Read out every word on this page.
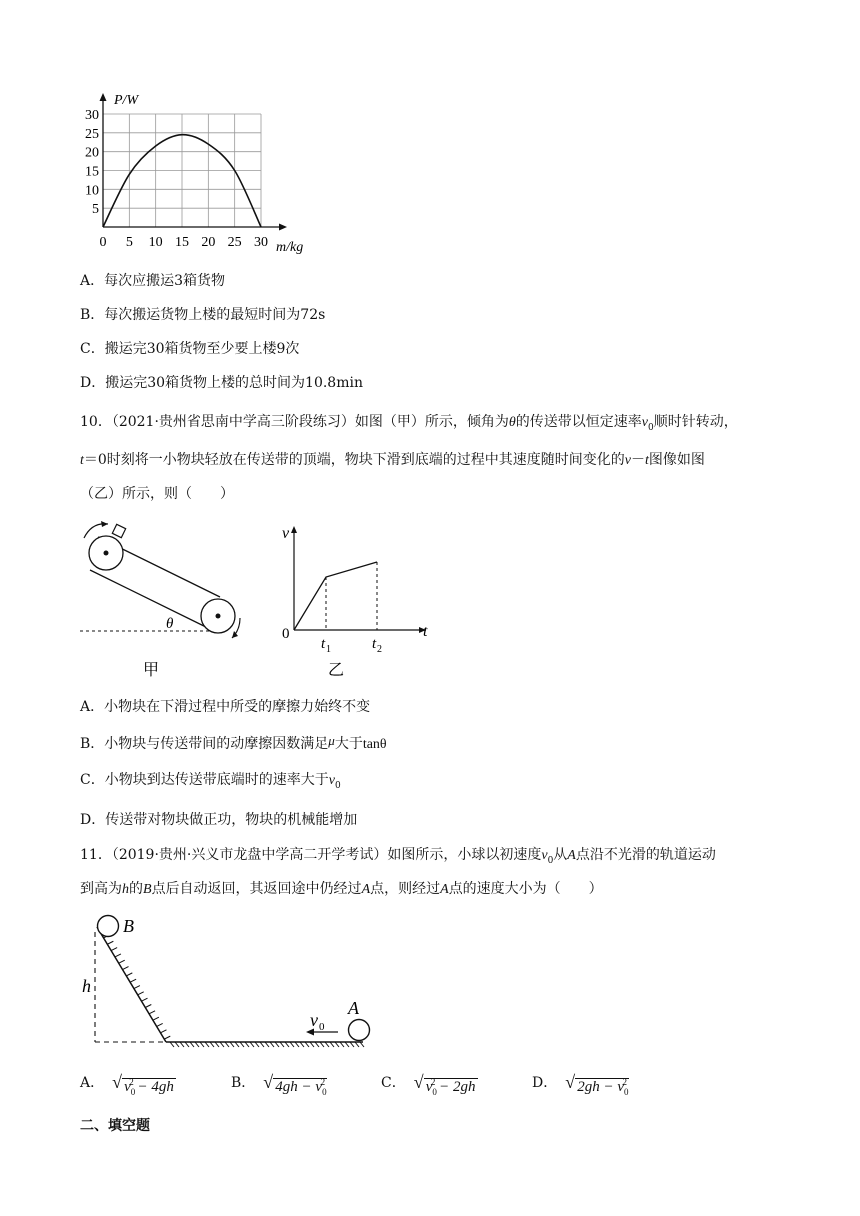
30
25
20
15
10
5
0 5 10 15 20 25 30
P/W
m/kg
A．每次应搬运3箱货物
B．每次搬运货物上楼的最短时间为72s
C．搬运完30箱货物至少要上楼9次
D．搬运完30箱货物上楼的总时间为10.8min
10．（2021·贵州省思南中学高三阶段练习）如图（甲）所示，倾角为θ的传送带以恒定速率$v_0$顺时针转动，
t＝0时刻将一小物块轻放在传送带的顶端，物块下滑到底端的过程中其速度随时间变化的v－t图像如图
（乙）所示，则（　　）
θ
甲
v
t
0
t 1	t 2
乙
A．小物块在下滑过程中所受的摩擦力始终不变
B．小物块与传送带间的动摩擦因数满足μ大于tanθ
C．小物块到达传送带底端时的速率大于$v_0$
D．传送带对物块做正功，物块的机械能增加
11．（2019·贵州·兴义市龙盘中学高二开学考试）如图所示，小球以初速度$v_0$从A点沿不光滑的轨道运动
到高为h的B点后自动返回，其返回途中仍经过A点，则经过A点的速度大小为（　　）
B
h
A
v 0
A． √ $v_0^2 - 4gh$	B． √ $4gh - v_0^2$	C． √ $v_0^2 - 2gh$	D． √ $2gh - v_0^2$
二、填空题
